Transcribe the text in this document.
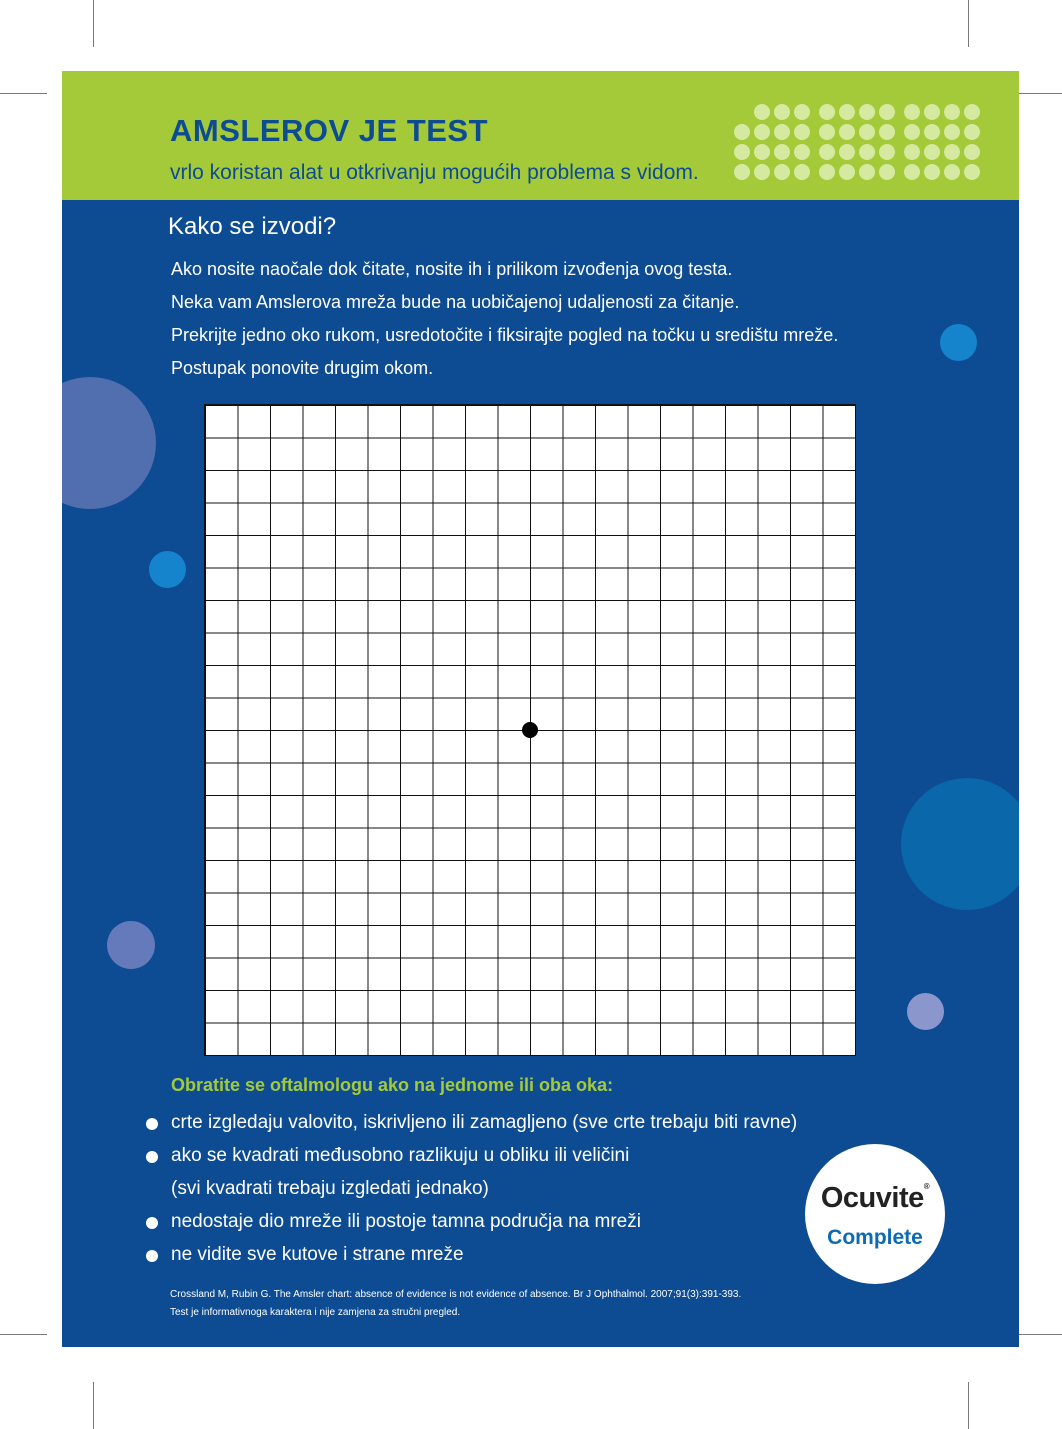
AMSLEROV JE TEST
vrlo koristan alat u otkrivanju mogućih problema s vidom.
Kako se izvodi?
Ako nosite naočale dok čitate, nosite ih i prilikom izvođenja ovog testa.
Neka vam Amslerova mreža bude na uobičajenoj udaljenosti za čitanje.
Prekrijte jedno oko rukom, usredotočite i fiksirajte pogled na točku u središtu mreže.
Postupak ponovite drugim okom.
Obratite se oftalmologu ako na jednome ili oba oka:
crte izgledaju valovito, iskrivljeno ili zamagljeno (sve crte trebaju biti ravne)
ako se kvadrati međusobno razlikuju u obliku ili veličini
(svi kvadrati trebaju izgledati jednako)
nedostaje dio mreže ili postoje tamna područja na mreži
ne vidite sve kutove i strane mreže
Crossland M, Rubin G. The Amsler chart: absence of evidence is not evidence of absence. Br J Ophthalmol. 2007;91(3):391-393.
Test je informativnoga karaktera i nije zamjena za stručni pregled.
Ocuvite®
Complete
